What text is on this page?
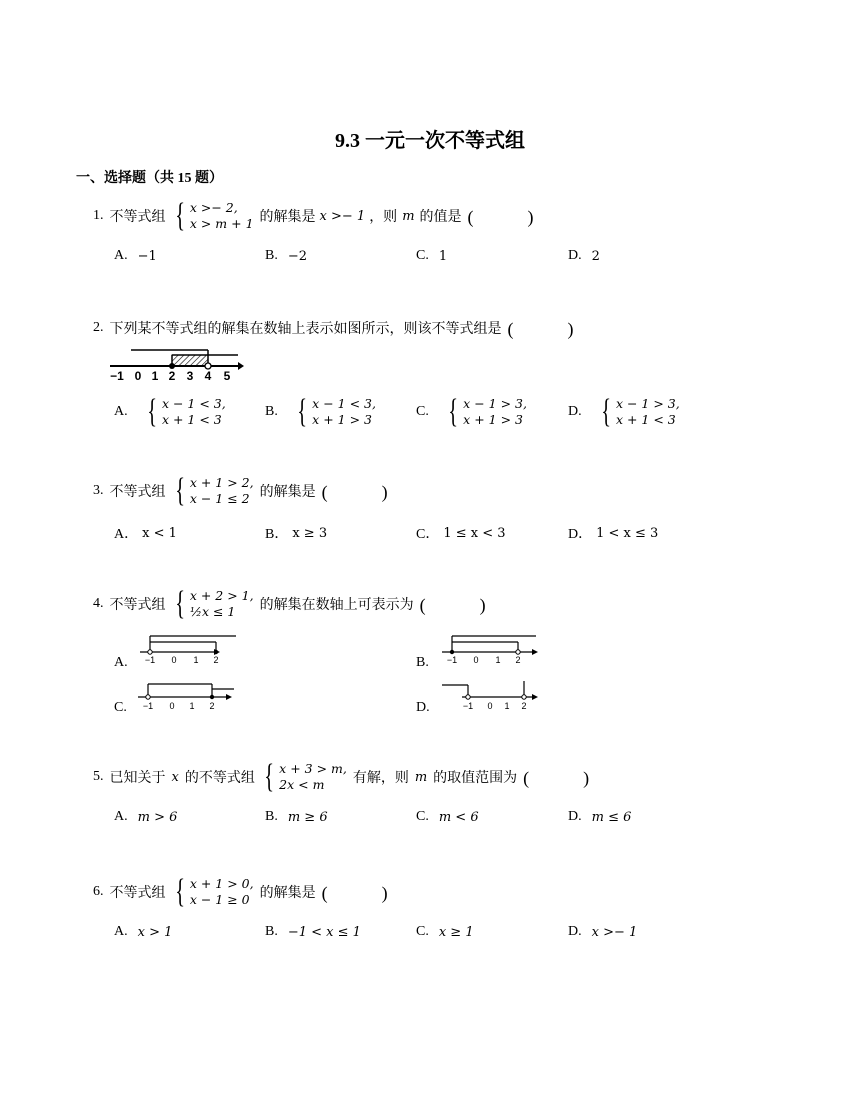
9.3 一元一次不等式组
一、选择题（共 15 题）
1. 不等式组 { x >− 2,
x > m + 1 的解集是 x >− 1 ，则 m 的值是 (　)
A. −1	B. −2	C. 1	D. 2
2. 下列某不等式组的解集在数轴上表示如图所示，则该不等式组是 (　)
−1 0 1 2 3 4 5
A. { x − 1 < 3,
x + 1 < 3
B. { x − 1 < 3,
x + 1 > 3
C. { x − 1 > 3,
x + 1 > 3
D. { x − 1 > 3,
x + 1 < 3
3. 不等式组 { x + 1 > 2,
x − 1 ≤ 2 的解集是 (　)
A． x < 1	B． x ≥ 3	C． 1 ≤ x < 3	D． 1 < x ≤ 3
4. 不等式组 { x + 2 > 1,
½x ≤ 1	的解集在数轴上可表示为 (　)
A. −1 0 1 2	B. −1 0 1 2
C. −1 0 1 2	D.	−1 0 1 2
5. 已知关于 x 的不等式组 { x + 3 > m,
2x < m	有解，则 m 的取值范围为 (　)
A. m > 6	B. m ≥ 6	C. m < 6	D. m ≤ 6
6. 不等式组 { x + 1 > 0,
x − 1 ≥ 0 的解集是 (　)
A. x > 1	B. −1 < x ≤ 1	C. x ≥ 1	D. x >− 1
